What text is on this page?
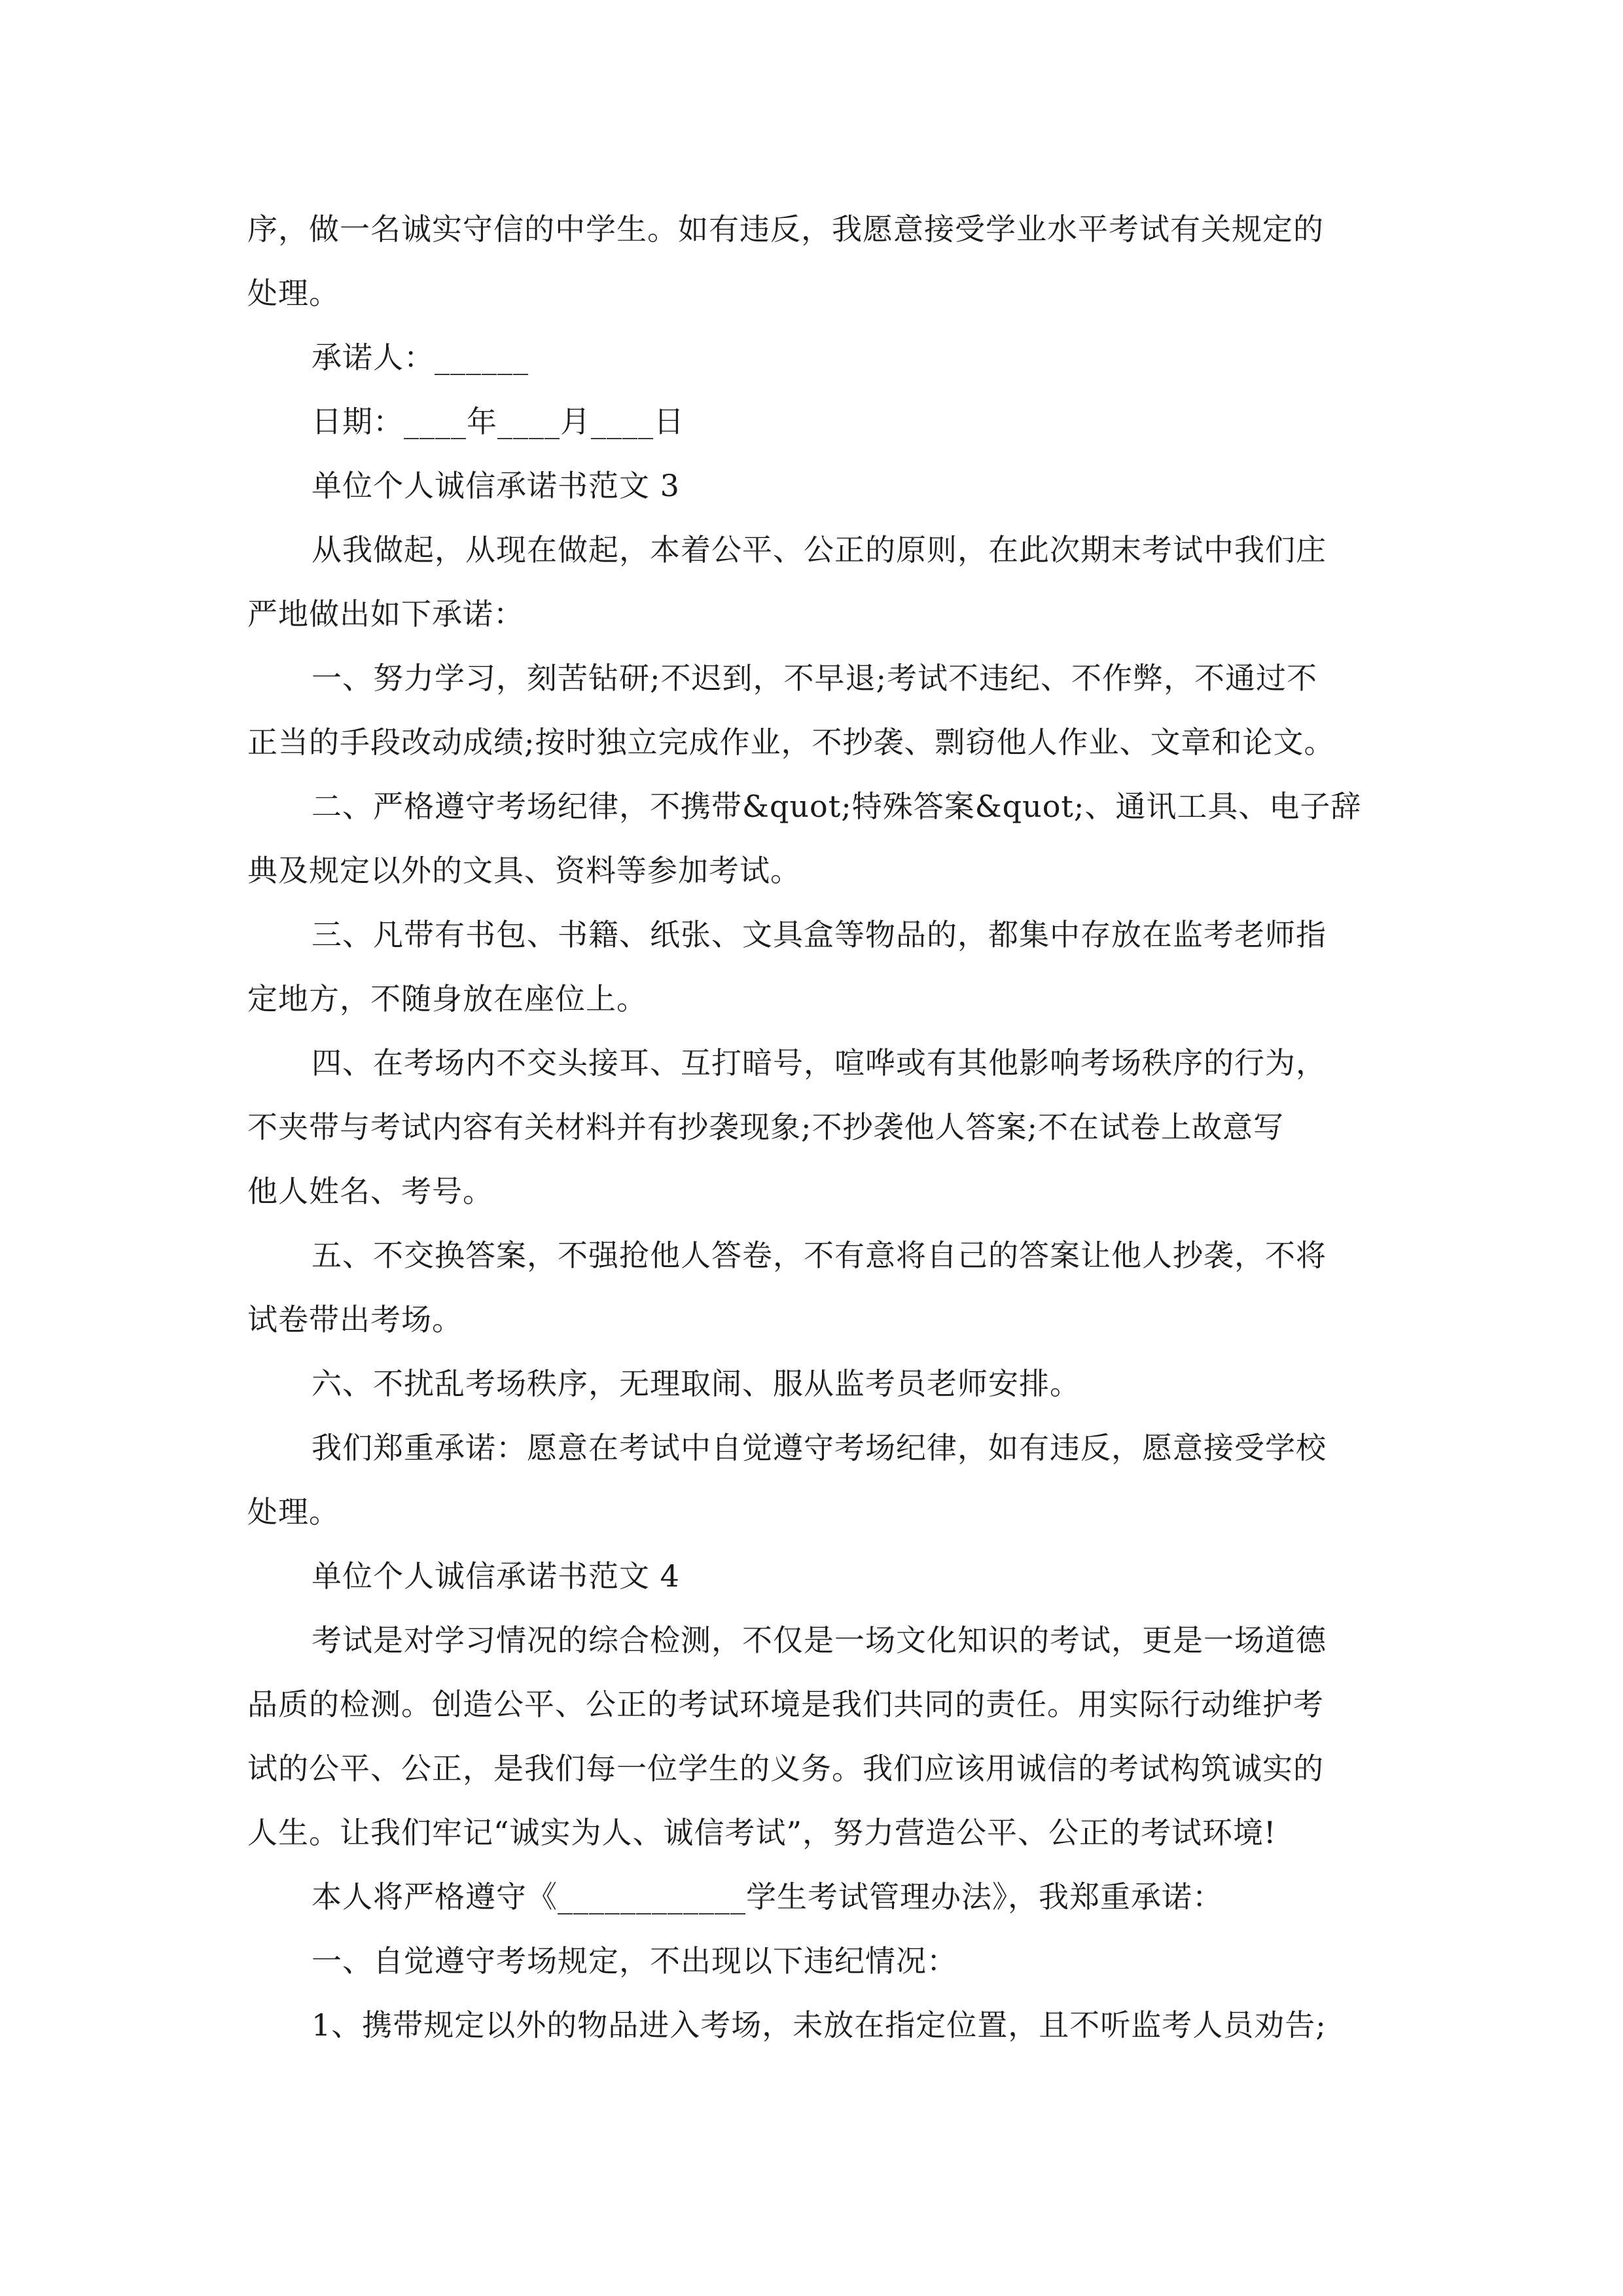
序，做一名诚实守信的中学生。如有违反，我愿意接受学业水平考试有关规定的
处理。
承诺人：______
日期：____年____月____日
单位个人诚信承诺书范文 3
从我做起，从现在做起，本着公平、公正的原则，在此次期末考试中我们庄
严地做出如下承诺：
一、努力学习，刻苦钻研;不迟到，不早退;考试不违纪、不作弊，不通过不
正当的手段改动成绩;按时独立完成作业，不抄袭、剽窃他人作业、文章和论文。
二、严格遵守考场纪律，不携带&quot;特殊答案&quot;、通讯工具、电子辞
典及规定以外的文具、资料等参加考试。
三、凡带有书包、书籍、纸张、文具盒等物品的，都集中存放在监考老师指
定地方，不随身放在座位上。
四、在考场内不交头接耳、互打暗号，喧哗或有其他影响考场秩序的行为，
不夹带与考试内容有关材料并有抄袭现象;不抄袭他人答案;不在试卷上故意写
他人姓名、考号。
五、不交换答案，不强抢他人答卷，不有意将自己的答案让他人抄袭，不将
试卷带出考场。
六、不扰乱考场秩序，无理取闹、服从监考员老师安排。
我们郑重承诺：愿意在考试中自觉遵守考场纪律，如有违反，愿意接受学校
处理。
单位个人诚信承诺书范文 4
考试是对学习情况的综合检测，不仅是一场文化知识的考试，更是一场道德
品质的检测。创造公平、公正的考试环境是我们共同的责任。用实际行动维护考
试的公平、公正，是我们每一位学生的义务。我们应该用诚信的考试构筑诚实的
人生。让我们牢记“诚实为人、诚信考试”，努力营造公平、公正的考试环境!
本人将严格遵守《____________学生考试管理办法》，我郑重承诺：
一、自觉遵守考场规定，不出现以下违纪情况：
1、携带规定以外的物品进入考场，未放在指定位置，且不听监考人员劝告;
